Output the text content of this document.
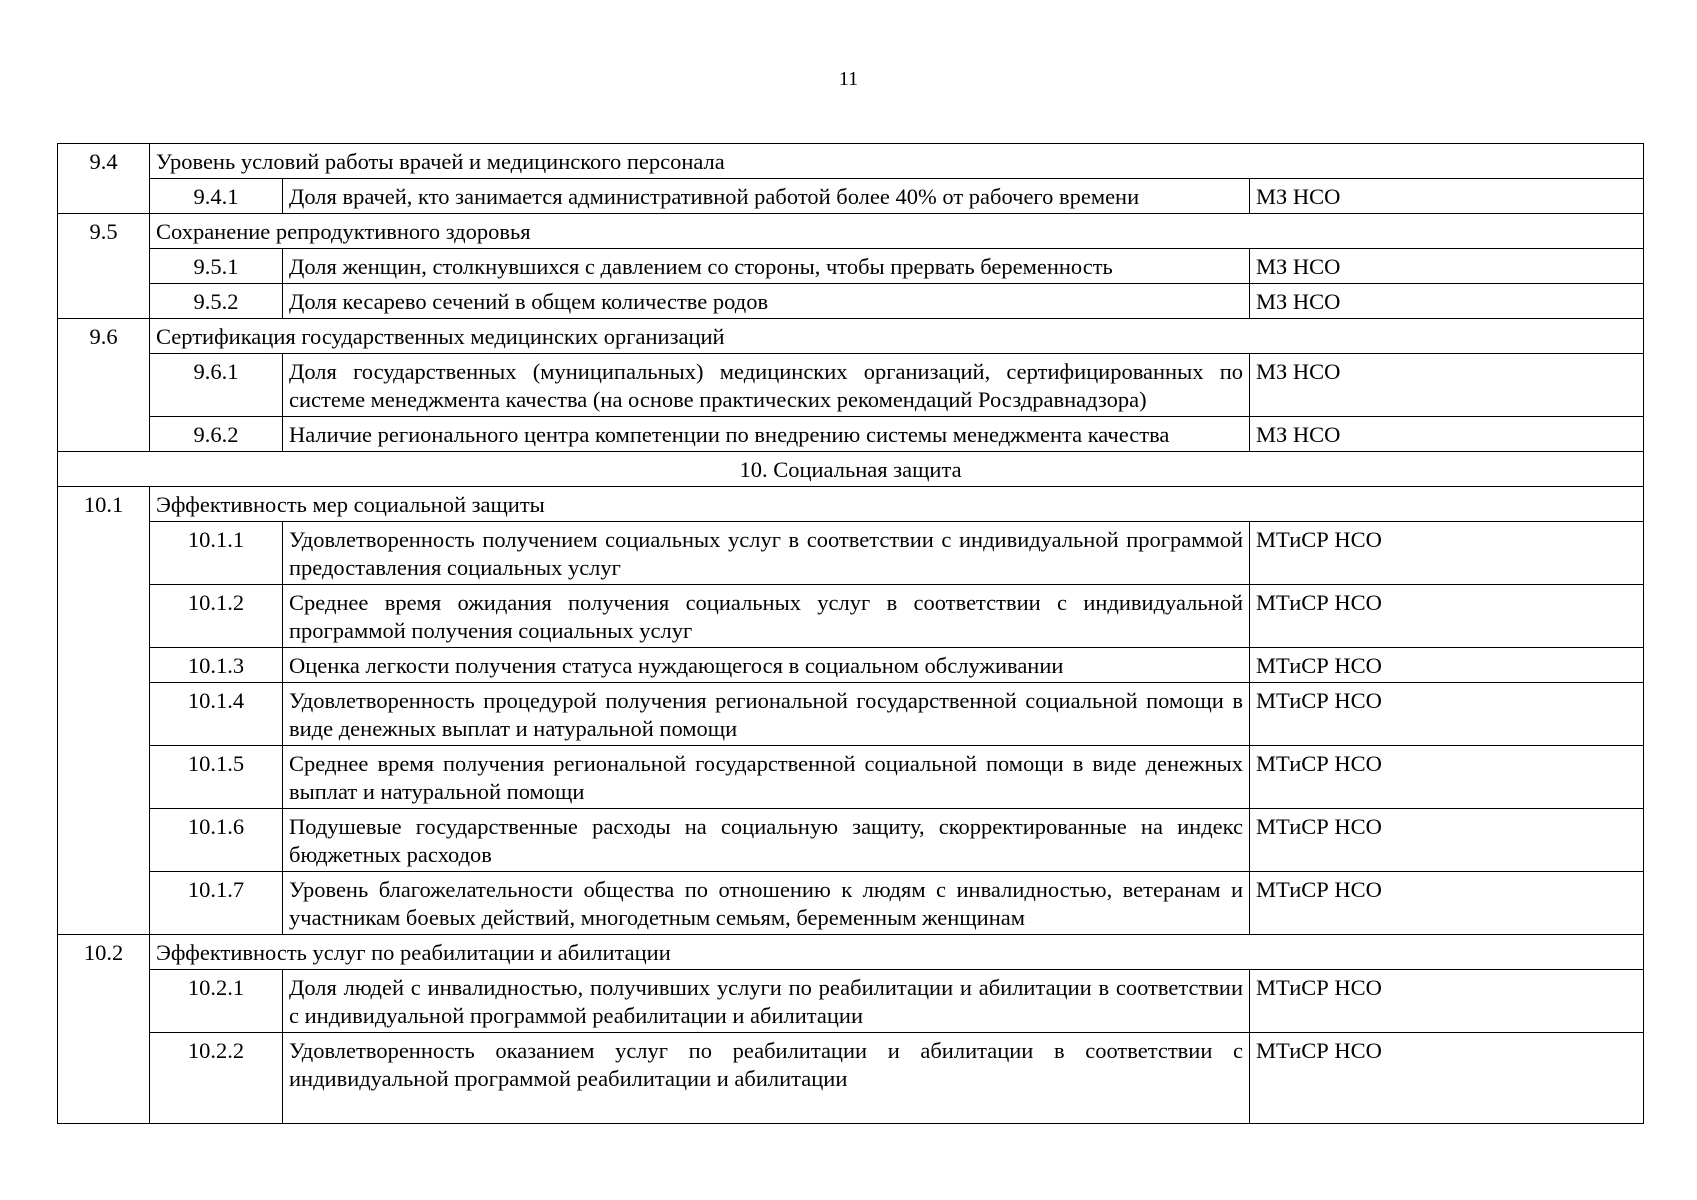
11
9.4	Уровень условий работы врачей и медицинского персонала		
	9.4.1	Доля врачей, кто занимается административной работой более 40% от рабочего времени	МЗ НСО
9.5	Сохранение репродуктивного здоровья		
	9.5.1	Доля женщин, столкнувшихся с давлением со стороны, чтобы прервать беременность	МЗ НСО
	9.5.2	Доля кесарево сечений в общем количестве родов	МЗ НСО
9.6	Сертификация государственных медицинских организаций		
	9.6.1	Доля государственных (муниципальных) медицинских организаций, сертифицированных по системе менеджмента качества (на основе практических рекомендаций Росздравнадзора)	МЗ НСО
	9.6.2	Наличие регионального центра компетенции по внедрению системы менеджмента качества	МЗ НСО
10. Социальная защита			
10.1	Эффективность мер социальной защиты		
	10.1.1	Удовлетворенность получением социальных услуг в соответствии с индивидуальной программой предоставления социальных услуг	МТиСР НСО
	10.1.2	Среднее время ожидания получения социальных услуг в соответствии с индивидуальной программой получения социальных услуг	МТиСР НСО
	10.1.3	Оценка легкости получения статуса нуждающегося в социальном обслуживании	МТиСР НСО
	10.1.4	Удовлетворенность процедурой получения региональной государственной социальной помощи в виде денежных выплат и натуральной помощи	МТиСР НСО
	10.1.5	Среднее время получения региональной государственной социальной помощи в виде денежных выплат и натуральной помощи	МТиСР НСО
	10.1.6	Подушевые государственные расходы на социальную защиту, скорректированные на индекс бюджетных расходов	МТиСР НСО
	10.1.7	Уровень благожелательности общества по отношению к людям с инвалидностью, ветеранам и участникам боевых действий, многодетным семьям, беременным женщинам	МТиСР НСО
10.2	Эффективность услуг по реабилитации и абилитации		
	10.2.1	Доля людей с инвалидностью, получивших услуги по реабилитации и абилитации в соответствии с индивидуальной программой реабилитации и абилитации	МТиСР НСО
	10.2.2	Удовлетворенность оказанием услуг по реабилитации и абилитации в соответствии с индивидуальной программой реабилитации и абилитации	МТиСР НСО
